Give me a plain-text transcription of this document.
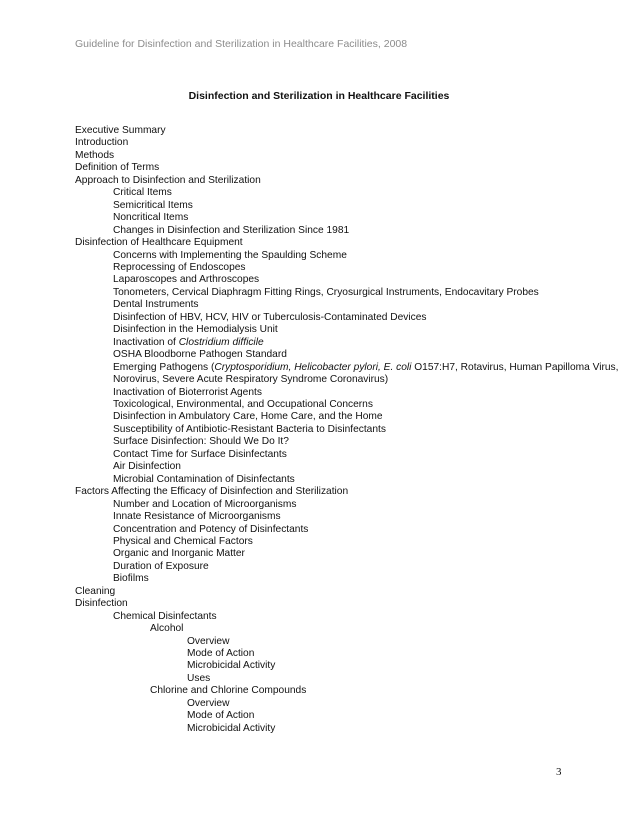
Guideline for Disinfection and Sterilization in Healthcare Facilities, 2008
Disinfection and Sterilization in Healthcare Facilities
Executive Summary
Introduction
Methods
Definition of Terms
Approach to Disinfection and Sterilization
Critical Items
Semicritical Items
Noncritical Items
Changes in Disinfection and Sterilization Since 1981
Disinfection of Healthcare Equipment
Concerns with Implementing the Spaulding Scheme
Reprocessing of Endoscopes
Laparoscopes and Arthroscopes
Tonometers, Cervical Diaphragm Fitting Rings, Cryosurgical Instruments, Endocavitary Probes
Dental Instruments
Disinfection of HBV, HCV, HIV or Tuberculosis-Contaminated Devices
Disinfection in the Hemodialysis Unit
Inactivation of Clostridium difficile
OSHA Bloodborne Pathogen Standard
Emerging Pathogens (Cryptosporidium, Helicobacter pylori, E. coli O157:H7, Rotavirus, Human Papilloma Virus, Norovirus, Severe Acute Respiratory Syndrome Coronavirus)
Inactivation of Bioterrorist Agents
Toxicological, Environmental, and Occupational Concerns
Disinfection in Ambulatory Care, Home Care, and the Home
Susceptibility of Antibiotic-Resistant Bacteria to Disinfectants
Surface Disinfection: Should We Do It?
Contact Time for Surface Disinfectants
Air Disinfection
Microbial Contamination of Disinfectants
Factors Affecting the Efficacy of Disinfection and Sterilization
Number and Location of Microorganisms
Innate Resistance of Microorganisms
Concentration and Potency of Disinfectants
Physical and Chemical Factors
Organic and Inorganic Matter
Duration of Exposure
Biofilms
Cleaning
Disinfection
Chemical Disinfectants
Alcohol
Overview
Mode of Action
Microbicidal Activity
Uses
Chlorine and Chlorine Compounds
Overview
Mode of Action
Microbicidal Activity
3
